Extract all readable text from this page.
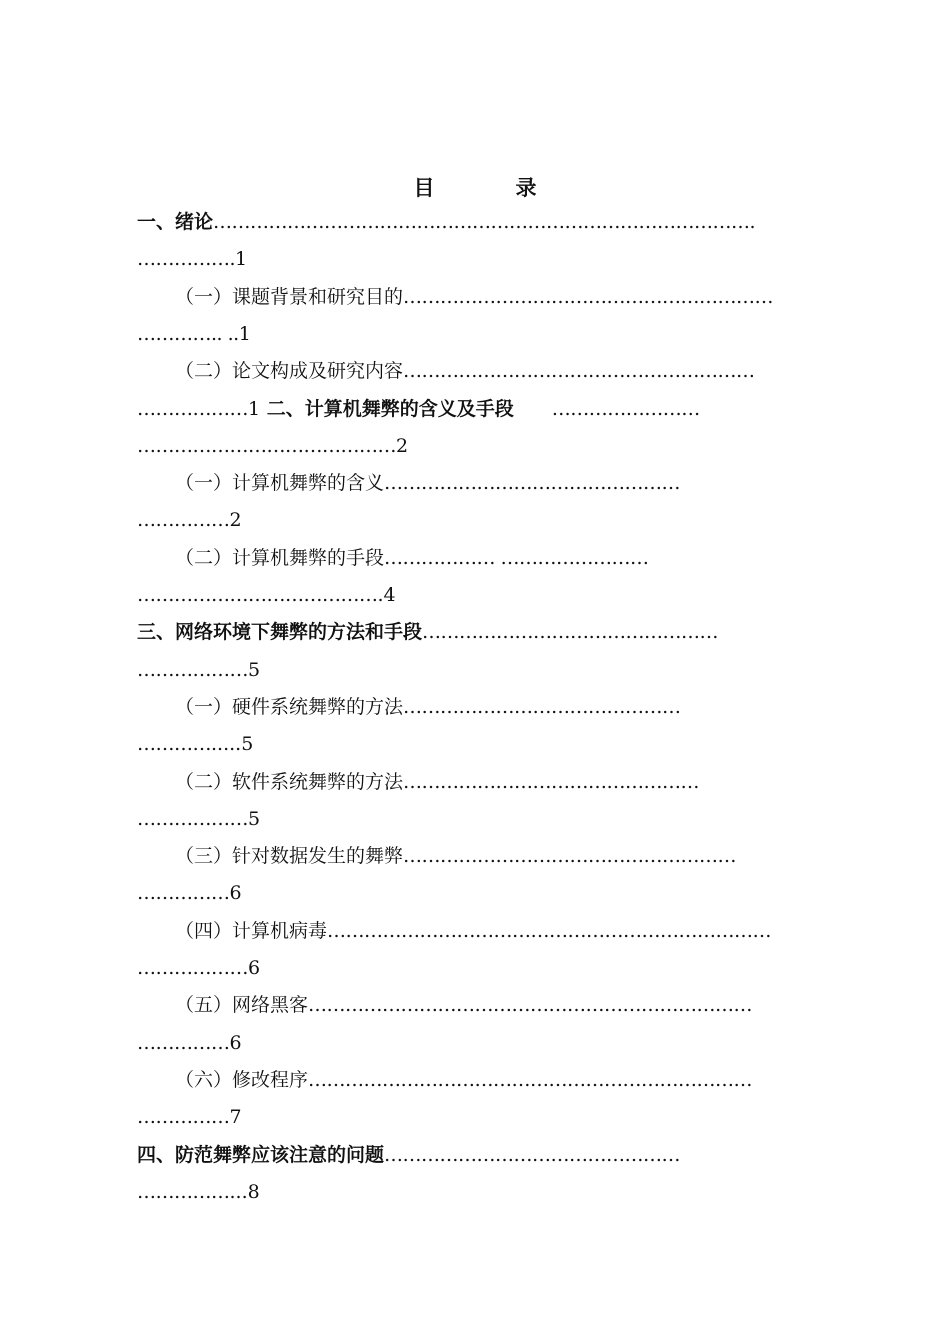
目　录
一、绪论…………………………………………………………………………….
…………….1
（一）课题背景和研究目的……………………………………………………
………….. ..1
（二）论文构成及研究内容…………………………………………………
………………1 二、计算机舞弊的含义及手段　　……………………
……………………………………2
（一）计算机舞弊的含义…………………………………………
……………2
（二）计算机舞弊的手段……………… ……………………
………………………………….4
三、网络环境下舞弊的方法和手段…………………………………………
………………5
（一）硬件系统舞弊的方法………………………………………
………….....5
（二）软件系统舞弊的方法…………………………………………
………………5
（三）针对数据发生的舞弊………………………………………………
……………6
（四）计算机病毒………………………………………………………………
………………6
（五）网络黑客………………………………………………………………
……………6
（六）修改程序………………………………………………………………
……………7
四、防范舞弊应该注意的问题…………………………………………
……………...8
